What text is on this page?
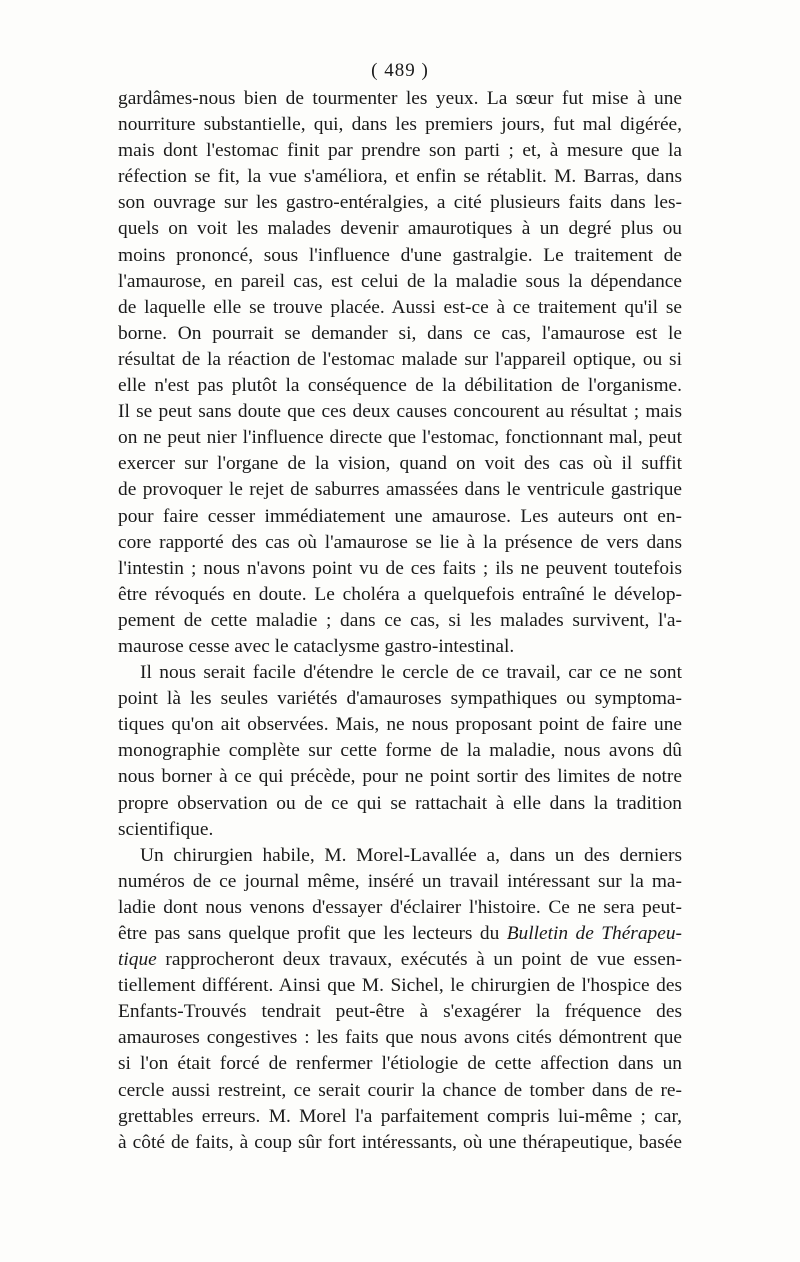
( 489 )
gardâmes-nous bien de tourmenter les yeux. La sœur fut mise à une
nourriture substantielle, qui, dans les premiers jours, fut mal digérée,
mais dont l'estomac finit par prendre son parti ; et, à mesure que la
réfection se fit, la vue s'améliora, et enfin se rétablit. M. Barras, dans
son ouvrage sur les gastro-entéralgies, a cité plusieurs faits dans les-
quels on voit les malades devenir amaurotiques à un degré plus ou
moins prononcé, sous l'influence d'une gastralgie. Le traitement de
l'amaurose, en pareil cas, est celui de la maladie sous la dépendance
de laquelle elle se trouve placée. Aussi est-ce à ce traitement qu'il se
borne. On pourrait se demander si, dans ce cas, l'amaurose est le
résultat de la réaction de l'estomac malade sur l'appareil optique, ou si
elle n'est pas plutôt la conséquence de la débilitation de l'organisme.
Il se peut sans doute que ces deux causes concourent au résultat ; mais
on ne peut nier l'influence directe que l'estomac, fonctionnant mal, peut
exercer sur l'organe de la vision, quand on voit des cas où il suffit
de provoquer le rejet de saburres amassées dans le ventricule gastrique
pour faire cesser immédiatement une amaurose. Les auteurs ont en-
core rapporté des cas où l'amaurose se lie à la présence de vers dans
l'intestin ; nous n'avons point vu de ces faits ; ils ne peuvent toutefois
être révoqués en doute. Le choléra a quelquefois entraîné le dévelop-
pement de cette maladie ; dans ce cas, si les malades survivent, l'a-
maurose cesse avec le cataclysme gastro-intestinal.
Il nous serait facile d'étendre le cercle de ce travail, car ce ne sont
point là les seules variétés d'amauroses sympathiques ou symptoma-
tiques qu'on ait observées. Mais, ne nous proposant point de faire une
monographie complète sur cette forme de la maladie, nous avons dû
nous borner à ce qui précède, pour ne point sortir des limites de notre
propre observation ou de ce qui se rattachait à elle dans la tradition
scientifique.
Un chirurgien habile, M. Morel-Lavallée a, dans un des derniers
numéros de ce journal même, inséré un travail intéressant sur la ma-
ladie dont nous venons d'essayer d'éclairer l'histoire. Ce ne sera peut-
être pas sans quelque profit que les lecteurs du Bulletin de Thérapeu-
tique rapprocheront deux travaux, exécutés à un point de vue essen-
tiellement différent. Ainsi que M. Sichel, le chirurgien de l'hospice des
Enfants-Trouvés tendrait peut-être à s'exagérer la fréquence des
amauroses congestives : les faits que nous avons cités démontrent que
si l'on était forcé de renfermer l'étiologie de cette affection dans un
cercle aussi restreint, ce serait courir la chance de tomber dans de re-
grettables erreurs. M. Morel l'a parfaitement compris lui-même ; car,
à côté de faits, à coup sûr fort intéressants, où une thérapeutique, basée
